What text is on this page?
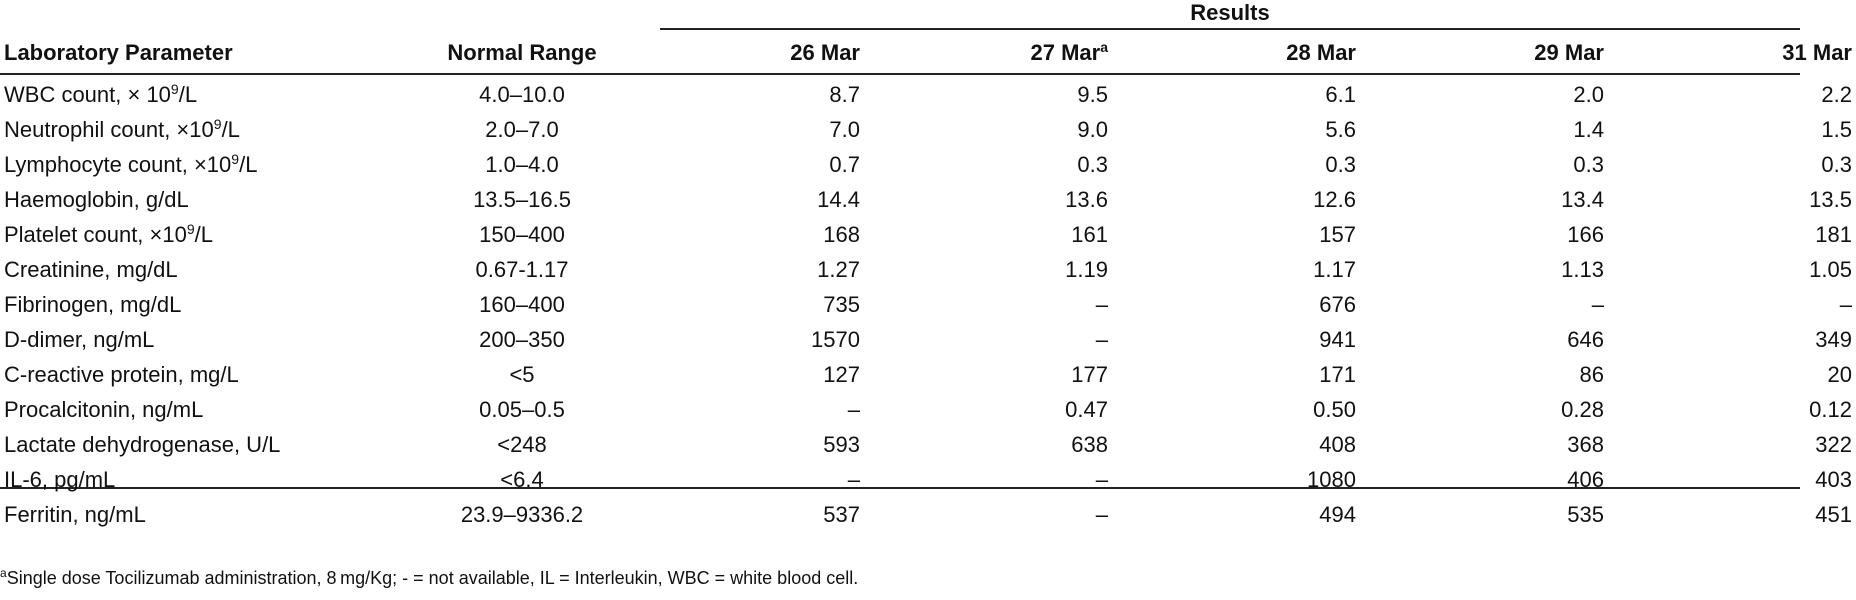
Results
Laboratory Parameter	Normal Range	26 Mar	27 Mar$^a$	28 Mar	29 Mar	31 Mar
WBC count, × $10^9/L$	4.0–10.0	8.7	9.5	6.1	2.0	2.2
Neutrophil count, $\times 10^9/L$	2.0–7.0	7.0	9.0	5.6	1.4	1.5
Lymphocyte count, $\times 10^9/L$	1.0–4.0	0.7	0.3	0.3	0.3	0.3
Haemoglobin, g/dL	13.5–16.5	14.4	13.6	12.6	13.4	13.5
Platelet count, $\times 10^9/L$	150–400	168	161	157	166	181
Creatinine, mg/dL	0.67-1.17	1.27	1.19	1.17	1.13	1.05
Fibrinogen, mg/dL	160–400	735	–	676	–	–
D-dimer, ng/mL	200–350	1570	–	941	646	349
C-reactive protein, mg/L	<5	127	177	171	86	20
Procalcitonin, ng/mL	0.05–0.5	–	0.47	0.50	0.28	0.12
Lactate dehydrogenase, U/L	<248	593	638	408	368	322
IL-6, pg/mL	<6.4	–	–	1080	406	403
Ferritin, ng/mL	23.9–9336.2	537	–	494	535	451
$^a$Single dose Tocilizumab administration, 8 mg/Kg; - = not available, IL = Interleukin, WBC = white blood cell.
